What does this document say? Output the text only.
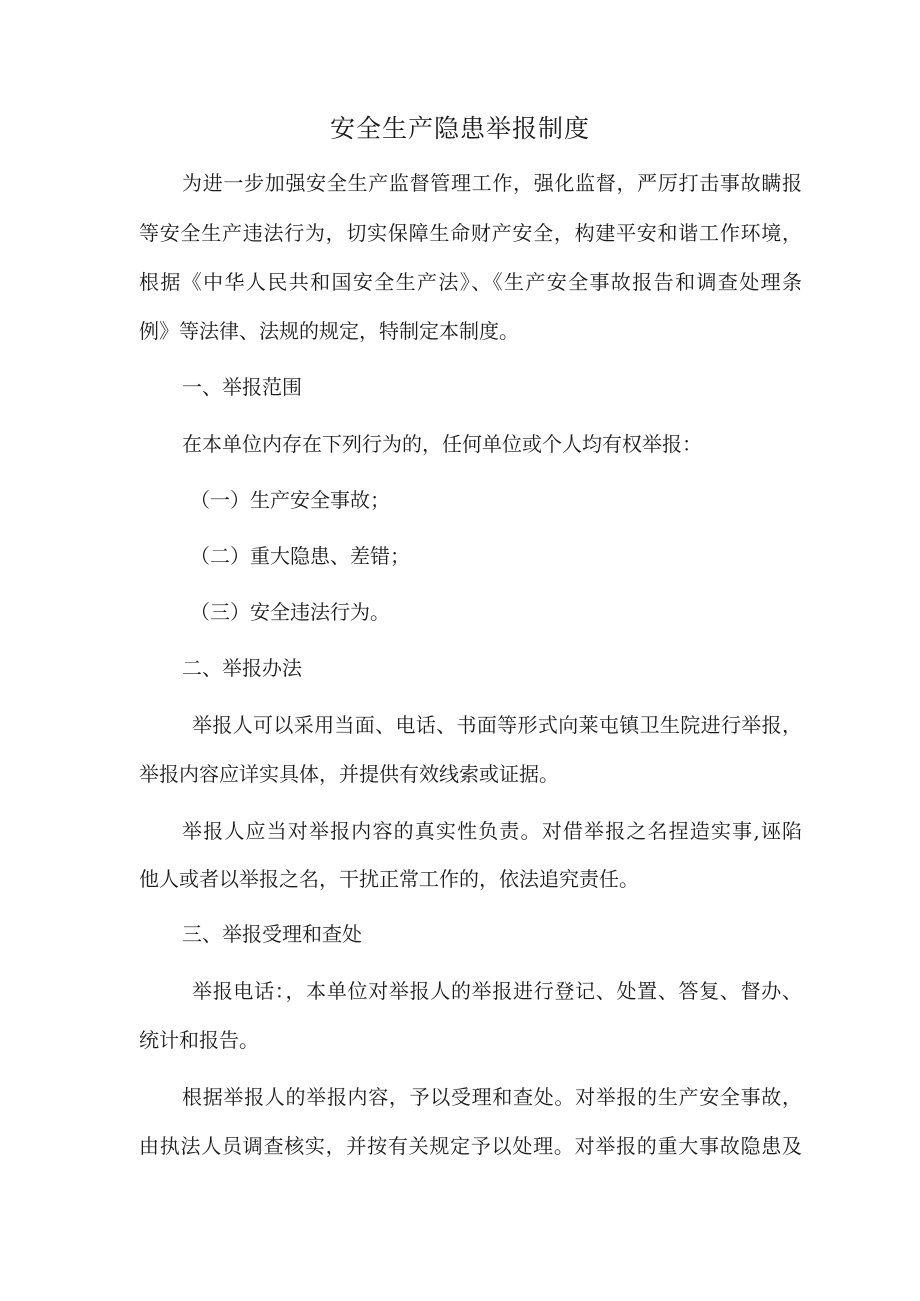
安全生产隐患举报制度
为进一步加强安全生产监督管理工作，强化监督，严厉打击事故瞒报
等安全生产违法行为，切实保障生命财产安全，构建平安和谐工作环境，
根据《中华人民共和国安全生产法》、《生产安全事故报告和调查处理条
例》等法律、法规的规定，特制定本制度。
一、举报范围
在本单位内存在下列行为的，任何单位或个人均有权举报：
（一）生产安全事故；
（二）重大隐患、差错；
（三）安全违法行为。
二、举报办法
举报人可以采用当面、电话、书面等形式向莱屯镇卫生院进行举报，
举报内容应详实具体，并提供有效线索或证据。
举报人应当对举报内容的真实性负责。对借举报之名捏造实事,诬陷
他人或者以举报之名，干扰正常工作的，依法追究责任。
三、举报受理和查处
举报电话：，本单位对举报人的举报进行登记、处置、答复、督办、
统计和报告。
根据举报人的举报内容，予以受理和查处。对举报的生产安全事故，
由执法人员调查核实，并按有关规定予以处理。对举报的重大事故隐患及
